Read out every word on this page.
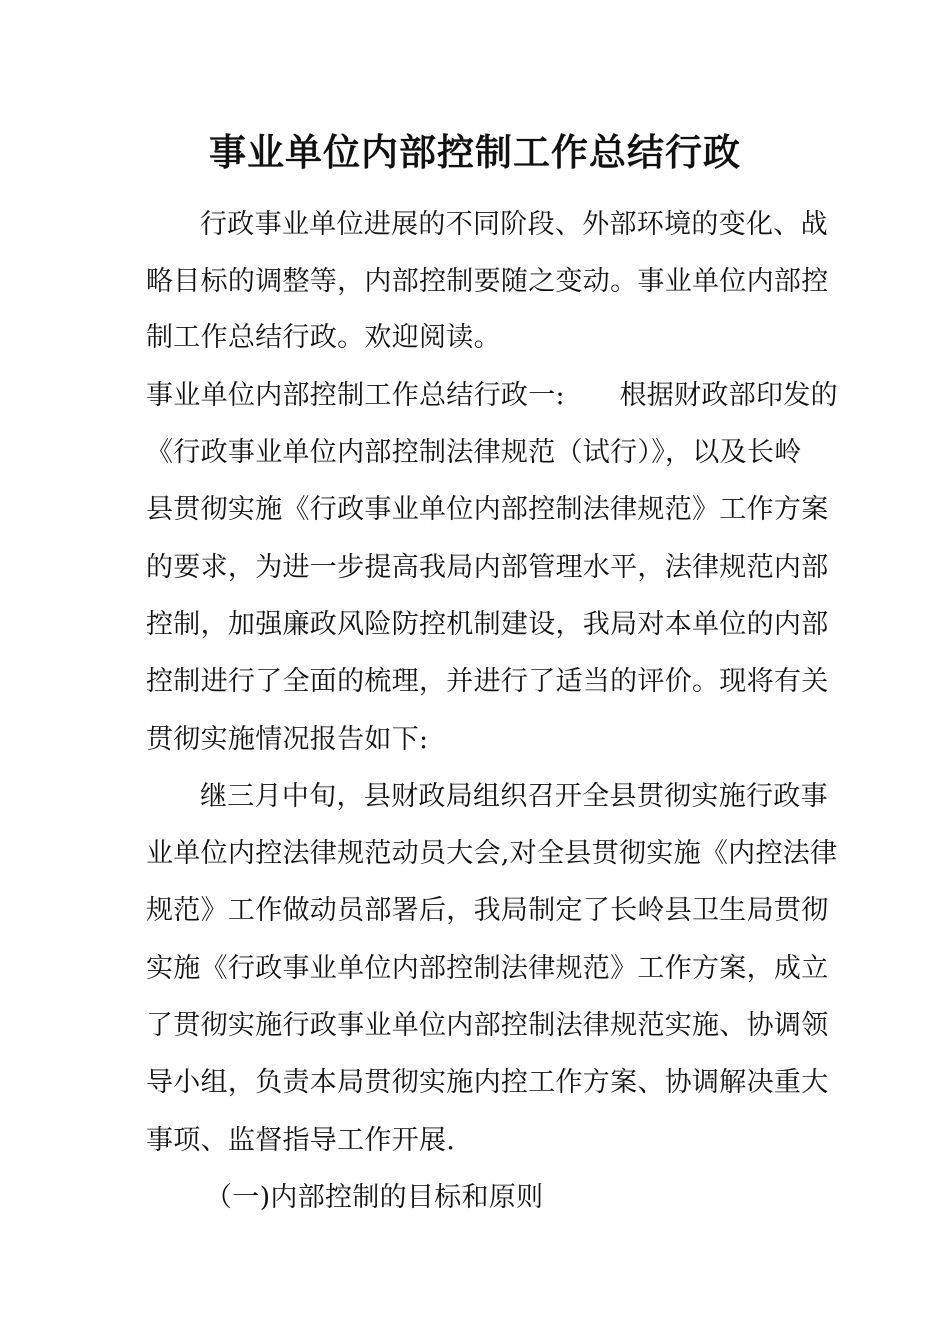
事业单位内部控制工作总结行政
行政事业单位进展的不同阶段、外部环境的变化、战
略目标的调整等，内部控制要随之变动。事业单位内部控
制工作总结行政。欢迎阅读。
事业单位内部控制工作总结行政一:　　根据财政部印发的
《行政事业单位内部控制法律规范（试行）》，以及长岭
县贯彻实施《行政事业单位内部控制法律规范》工作方案
的要求，为进一步提高我局内部管理水平，法律规范内部
控制，加强廉政风险防控机制建设，我局对本单位的内部
控制进行了全面的梳理，并进行了适当的评价。现将有关
贯彻实施情况报告如下:
继三月中旬，县财政局组织召开全县贯彻实施行政事
业单位内控法律规范动员大会,对全县贯彻实施《内控法律
规范》工作做动员部署后，我局制定了长岭县卫生局贯彻
实施《行政事业单位内部控制法律规范》工作方案，成立
了贯彻实施行政事业单位内部控制法律规范实施、协调领
导小组，负责本局贯彻实施内控工作方案、协调解决重大
事项、监督指导工作开展.
（一)内部控制的目标和原则
